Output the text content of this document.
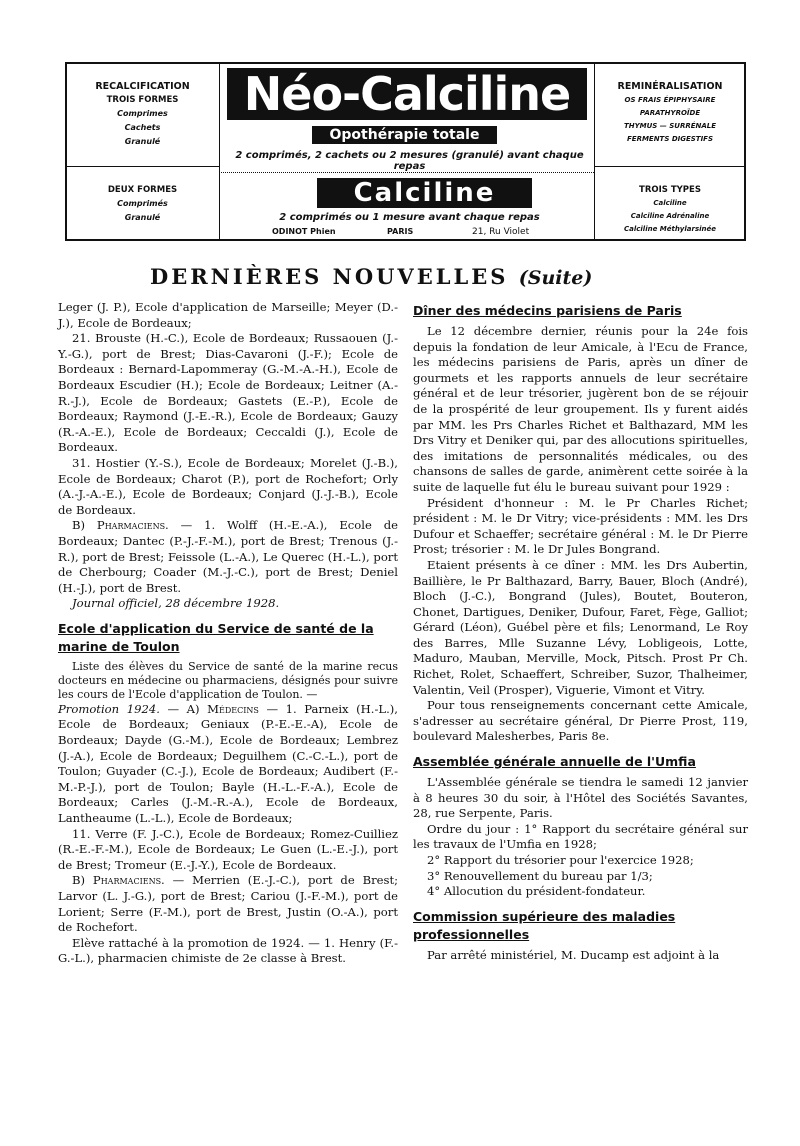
RECALCIFICATION
TROIS FORMES
Comprimes
Cachets
Granulé
Néo-Calciline
Opothérapie totale
2 comprimés, 2 cachets ou 2 mesures (granulé) avant chaque repas
Calciline
2 comprimés ou 1 mesure avant chaque repas
ODINOT Phien	PARIS	21, Ru Violet
DEUX FORMES
Comprimés
Granulé
REMINÉRALISATION
OS FRAIS ÉPIPHYSAIRE
PARATHYROÏDE
THYMUS — SURRÉNALE
FERMENTS DIGESTIFS
TROIS TYPES
Calciline
Calciline Adrénaline
Calciline Méthylarsinée
DERNIÈRES NOUVELLES (Suite)

Leger (J. P.), Ecole d'application de Marseille; Meyer (D.-J.), Ecole de Bordeaux;

21. Brouste (H.-C.), Ecole de Bordeaux; Russaouen (J.-Y.-G.), port de Brest; Dias-Cavaroni (J.-F.); Ecole de Bordeaux : Bernard-Lapommeray (G.-M.-A.-H.), Ecole de Bordeaux Escudier (H.); Ecole de Bordeaux; Leitner (A.-R.-J.), Ecole de Bordeaux; Gastets (E.-P.), Ecole de Bordeaux; Raymond (J.-E.-R.), Ecole de Bordeaux; Gauzy (R.-A.-E.), Ecole de Bordeaux; Ceccaldi (J.), Ecole de Bordeaux.

31. Hostier (Y.-S.), Ecole de Bordeaux; Morelet (J.-B.), Ecole de Bordeaux; Charot (P.), port de Rochefort; Orly (A.-J.-A.-E.), Ecole de Bordeaux; Conjard (J.-J.-B.), Ecole de Bordeaux.

B) Pharmaciens. — 1. Wolff (H.-E.-A.), Ecole de Bordeaux; Dantec (P.-J.-F.-M.), port de Brest; Trenous (J.-R.), port de Brest; Feissole (L.-A.), Le Querec (H.-L.), port de Cherbourg; Coader (M.-J.-C.), port de Brest; Deniel (H.-J.), port de Brest.

Journal officiel, 28 décembre 1928.

Ecole d'application du Service de santé de la marine de Toulon

Liste des élèves du Service de santé de la marine recus docteurs en médecine ou pharmaciens, désignés pour suivre les cours de l'Ecole d'application de Toulon. —

Promotion 1924. — A) Médecins — 1. Parneix (H.-L.), Ecole de Bordeaux; Geniaux (P.-E.-E.-A), Ecole de Bordeaux; Dayde (G.-M.), Ecole de Bordeaux; Lembrez (J.-A.), Ecole de Bordeaux; Deguilhem (C.-C.-L.), port de Toulon; Guyader (C.-J.), Ecole de Bordeaux; Audibert (F.-M.-P.-J.), port de Toulon; Bayle (H.-L.-F.-A.), Ecole de Bordeaux; Carles (J.-M.-R.-A.), Ecole de Bordeaux, Lantheaume (L.-L.), Ecole de Bordeaux;

11. Verre (F. J.-C.), Ecole de Bordeaux; Romez-Cuilliez (R.-E.-F.-M.), Ecole de Bordeaux; Le Guen (L.-E.-J.), port de Brest; Tromeur (E.-J.-Y.), Ecole de Bordeaux.

B) Pharmaciens. — Merrien (E.-J.-C.), port de Brest; Larvor (L. J.-G.), port de Brest; Cariou (J.-F.-M.), port de Lorient; Serre (F.-M.), port de Brest, Justin (O.-A.), port de Rochefort.

Elève rattaché à la promotion de 1924. — 1. Henry (F.-G.-L.), pharmacien chimiste de 2e classe à Brest.

Dîner des médecins parisiens de Paris

Le 12 décembre dernier, réunis pour la 24e fois depuis la fondation de leur Amicale, à l'Ecu de France, les médecins parisiens de Paris, après un dîner de gourmets et les rapports annuels de leur secrétaire général et de leur trésorier, jugèrent bon de se réjouir de la prospérité de leur groupement. Ils y furent aidés par MM. les Prs Charles Richet et Balthazard, MM les Drs Vitry et Deniker qui, par des allocutions spirituelles, des imitations de personnalités médicales, ou des chansons de salles de garde, animèrent cette soirée à la suite de laquelle fut élu le bureau suivant pour 1929 :

Président d'honneur : M. le Pr Charles Richet; président : M. le Dr Vitry; vice-présidents : MM. les Drs Dufour et Schaeffer; secrétaire général : M. le Dr Pierre Prost; trésorier : M. le Dr Jules Bongrand.

Etaient présents à ce dîner : MM. les Drs Aubertin, Baillière, le Pr Balthazard, Barry, Bauer, Bloch (André), Bloch (J.-C.), Bongrand (Jules), Boutet, Bouteron, Chonet, Dartigues, Deniker, Dufour, Faret, Fège, Galliot; Gérard (Léon), Guébel père et fils; Lenormand, Le Roy des Barres, Mlle Suzanne Lévy, Lobligeois, Lotte, Maduro, Mauban, Merville, Mock, Pitsch. Prost Pr Ch. Richet, Rolet, Schaeffert, Schreiber, Suzor, Thalheimer, Valentin, Veil (Prosper), Viguerie, Vimont et Vitry.

Pour tous renseignements concernant cette Amicale, s'adresser au secrétaire général, Dr Pierre Prost, 119, boulevard Malesherbes, Paris 8e.

Assemblée générale annuelle de l'Umfia

L'Assemblée générale se tiendra le samedi 12 janvier à 8 heures 30 du soir, à l'Hôtel des Sociétés Savantes, 28, rue Serpente, Paris.

Ordre du jour : 1° Rapport du secrétaire général sur les travaux de l'Umfia en 1928;

2° Rapport du trésorier pour l'exercice 1928;

3° Renouvellement du bureau par 1/3;

4° Allocution du président-fondateur.

Commission supérieure des maladies professionnelles

Par arrêté ministériel, M. Ducamp est adjoint à la
